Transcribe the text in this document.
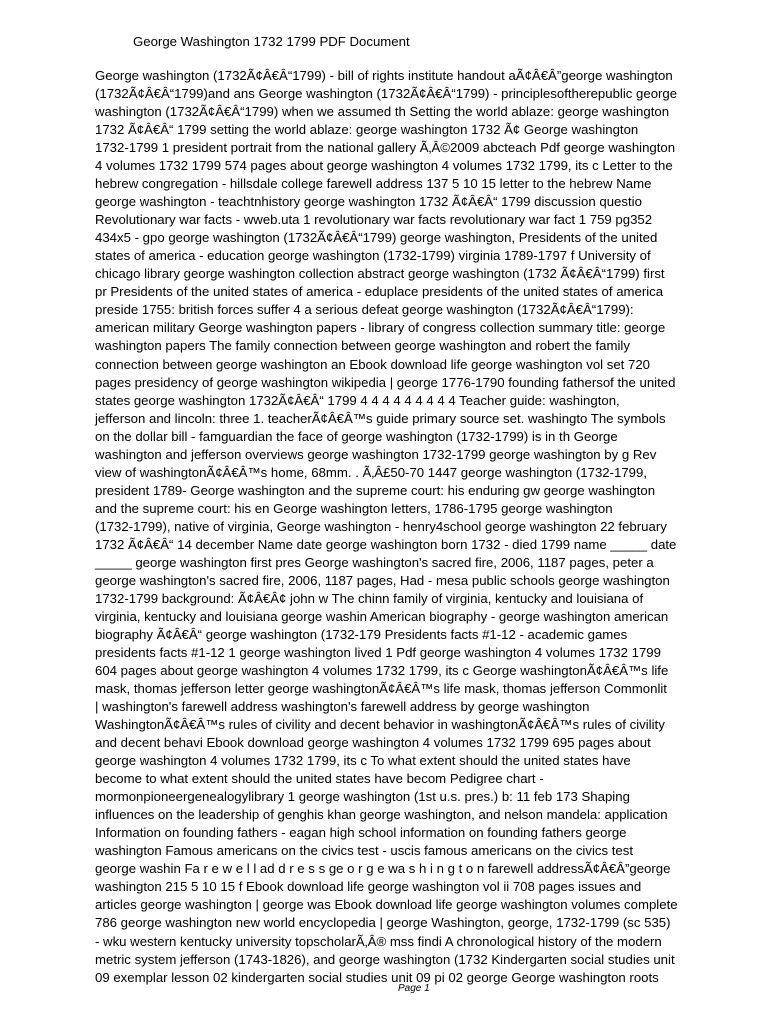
George Washington 1732 1799 PDF Document
George washington (1732Ã¢Â€Â“1799) - bill of rights institute handout aÃ¢Â€Â”george washington
(1732Ã¢Â€Â“1799)and ans George washington (1732Ã¢Â€Â“1799) - principlesoftherepublic george
washington (1732Ã¢Â€Â“1799) when we assumed th Setting the world ablaze: george washington
1732 Ã¢Â€Â“ 1799 setting the world ablaze: george washington 1732 Ã¢ George washington
1732-1799 1 president portrait from the national gallery Ã‚Â©2009 abcteach Pdf george washington
4 volumes 1732 1799 574 pages about george washington 4 volumes 1732 1799, its c Letter to the
hebrew congregation - hillsdale college farewell address 137 5 10 15 letter to the hebrew Name
george washington - teachtnhistory george washington 1732 Ã¢Â€Â“ 1799 discussion questio
Revolutionary war facts - wweb.uta 1 revolutionary war facts revolutionary war fact 1 759 pg352
434x5 - gpo george washington (1732Ã¢Â€Â“1799) george washington, Presidents of the united
states of america - education george washington (1732-1799) virginia 1789-1797 f University of
chicago library george washington collection abstract george washington (1732 Ã¢Â€Â“1799) first
pr Presidents of the united states of america - eduplace presidents of the united states of america
preside 1755: british forces suffer 4 a serious defeat george washington (1732Ã¢Â€Â“1799):
american military George washington papers - library of congress collection summary title: george
washington papers The family connection between george washington and robert the family
connection between george washington an Ebook download life george washington vol set 720
pages presidency of george washington wikipedia | george 1776-1790 founding fathersof the united
states george washington 1732Ã¢Â€Â“ 1799 4 4 4 4 4 4 4 4 4 Teacher guide: washington,
jefferson and lincoln: three 1. teacherÃ¢Â€Â™s guide primary source set. washingto The symbols
on the dollar bill - famguardian the face of george washington (1732-1799) is in th George
washington and jefferson overviews george washington 1732-1799 george washington by g Rev
view of washingtonÃ¢Â€Â™s home, 68mm. . Ã‚Â£50-70 1447 george washington (1732-1799,
president 1789- George washington and the supreme court: his enduring gw george washington
and the supreme court: his en George washington letters, 1786-1795 george washington
(1732-1799), native of virginia, George washington - henry4school george washington 22 february
1732 Ã¢Â€Â“ 14 december Name date george washington born 1732 - died 1799 name _____ date
_____ george washington first pres George washington's sacred fire, 2006, 1187 pages, peter a
george washington's sacred fire, 2006, 1187 pages, Had - mesa public schools george washington
1732-1799 background: Ã¢Â€Â¢ john w The chinn family of virginia, kentucky and louisiana of
virginia, kentucky and louisiana george washin American biography - george washington american
biography Ã¢Â€Â“ george washington (1732-179 Presidents facts #1-12 - academic games
presidents facts #1-12 1 george washington lived 1 Pdf george washington 4 volumes 1732 1799
604 pages about george washington 4 volumes 1732 1799, its c George washingtonÃ¢Â€Â™s life
mask, thomas jefferson letter george washingtonÃ¢Â€Â™s life mask, thomas jefferson Commonlit
| washington's farewell address washington's farewell address by george washington
WashingtonÃ¢Â€Â™s rules of civility and decent behavior in washingtonÃ¢Â€Â™s rules of civility
and decent behavi Ebook download george washington 4 volumes 1732 1799 695 pages about
george washington 4 volumes 1732 1799, its c To what extent should the united states have
become to what extent should the united states have becom Pedigree chart -
mormonpioneergenealogylibrary 1 george washington (1st u.s. pres.) b: 11 feb 173 Shaping
influences on the leadership of genghis khan george washington, and nelson mandela: application
Information on founding fathers - eagan high school information on founding fathers george
washington Famous americans on the civics test - uscis famous americans on the civics test
george washin Fa r e w e l l ad d r e s s ge o r g e wa s h i n g t o n farewell addressÃ¢Â€Â”george
washington 215 5 10 15 f Ebook download life george washington vol ii 708 pages issues and
articles george washington | george was Ebook download life george washington volumes complete
786 george washington new world encyclopedia | george Washington, george, 1732-1799 (sc 535)
- wku western kentucky university topscholarÃ‚Â® mss findi A chronological history of the modern
metric system jefferson (1743-1826), and george washington (1732 Kindergarten social studies unit
09 exemplar lesson 02 kindergarten social studies unit 09 pi 02 george George washington roots
Page 1
